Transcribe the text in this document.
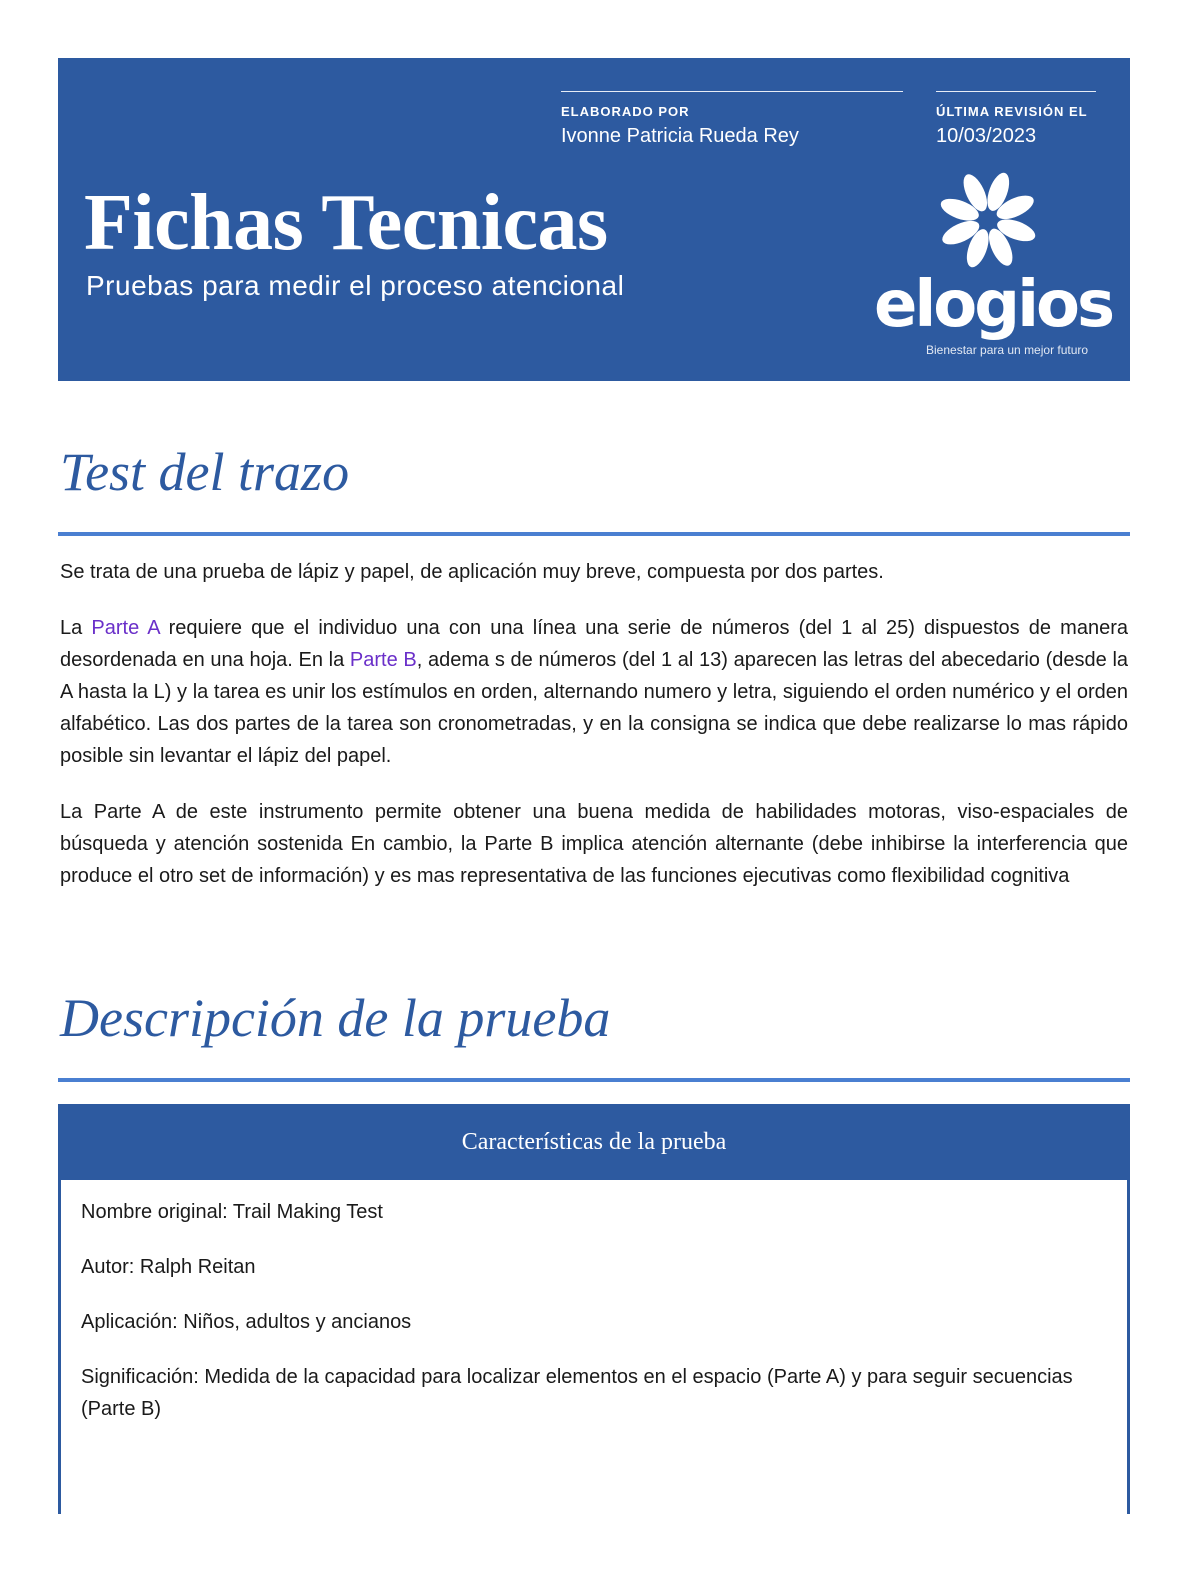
ELABORADO POR
Ivonne Patricia Rueda Rey
ÚLTIMA REVISIÓN EL
10/03/2023
Fichas Tecnicas
Pruebas para medir el proceso atencional	elogios
Bienestar para un mejor futuro
Test del trazo

Se trata de una prueba de lápiz y papel, de aplicación muy breve, compuesta por dos partes.

La Parte A requiere que el individuo una con una línea una serie de números (del 1 al 25) dispuestos de manera desordenada en una hoja. En la Parte B, adema s de números (del 1 al 13) aparecen las letras del abecedario (desde la A hasta la L) y la tarea es unir los estímulos en orden, alternando numero y letra, siguiendo el orden numérico y el orden alfabético. Las dos partes de la tarea son cronometradas, y en la consigna se indica que debe realizarse lo mas rápido posible sin levantar el lápiz del papel.

La Parte A de este instrumento permite obtener una buena medida de habilidades motoras, viso-espaciales de búsqueda y atención sostenida En cambio, la Parte B implica atención alternante (debe inhibirse la interferencia que produce el otro set de información) y es mas representativa de las funciones ejecutivas como flexibilidad cognitiva

Descripción de la prueba
Características de la prueba

Nombre original: Trail Making Test

Autor: Ralph Reitan

Aplicación: Niños, adultos y ancianos

Significación: Medida de la capacidad para localizar elementos en el espacio (Parte A) y para seguir secuencias (Parte B)
